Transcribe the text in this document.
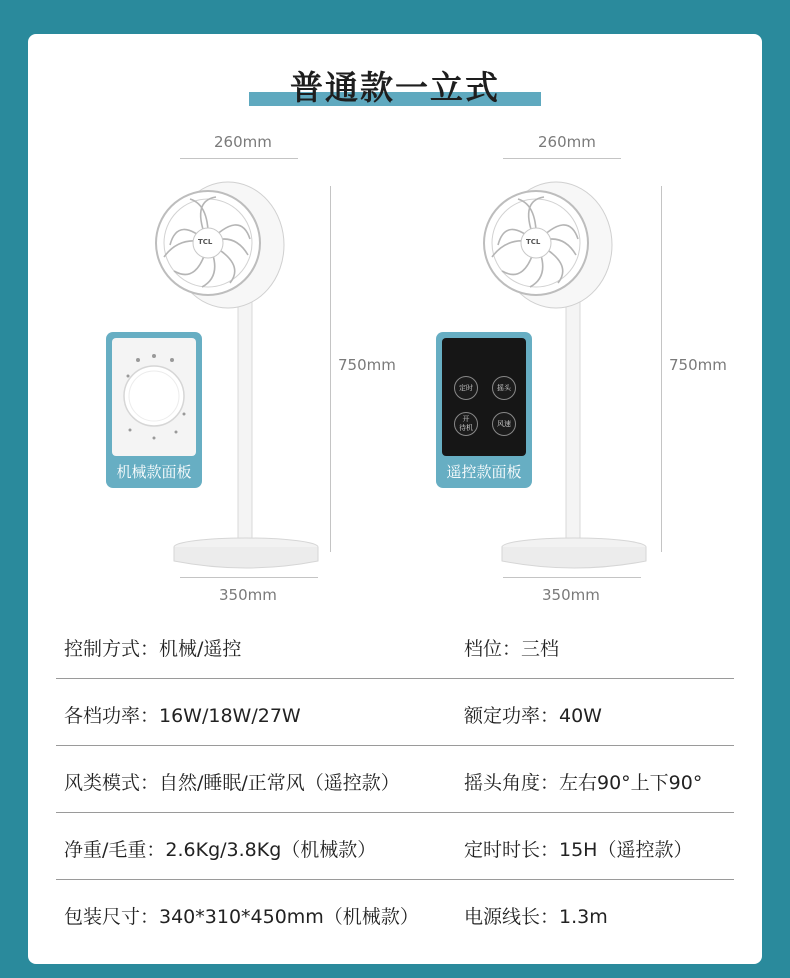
普通款一立式
260mm
750mm
350mm
TCL
机械款面板
260mm
750mm
350mm
TCL
定时	摇头
开
待机	风速
遥控款面板
控制方式：机械/遥控	档位：三档
各档功率：16W/18W/27W	额定功率：40W
风类模式：自然/睡眠/正常风（遥控款）	摇头角度：左右90°上下90°
净重/毛重：2.6Kg/3.8Kg（机械款）	定时时长：15H（遥控款）
包装尺寸：340*310*450mm（机械款） 电源线长：1.3m
